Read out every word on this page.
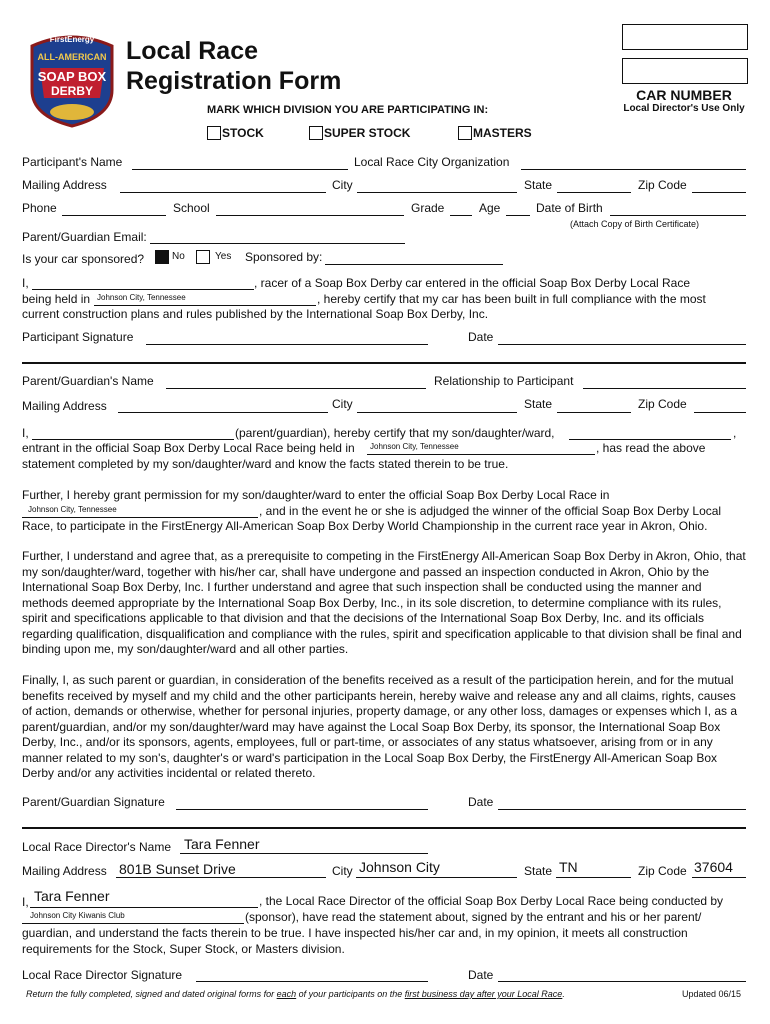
FirstEnergy
ALL-AMERICAN
SOAP BOX
DERBY
Local Race
Registration Form	CAR NUMBER
Local Director's Use Only
MARK WHICH DIVISION YOU ARE PARTICIPATING IN:
STOCK	SUPER STOCK	MASTERS
Participant's Name	Local Race City Organization
Mailing Address	City	State	Zip Code
Phone	School	Grade	Age	Date of Birth
(Attach Copy of Birth Certificate)
Parent/Guardian Email:
Is your car sponsored?	No	Yes Sponsored by:
I,	, racer of a Soap Box Derby car entered in the official Soap Box Derby Local Race
being held in Johnson City, Tennessee	, hereby certify that my car has been built in full compliance with the most
current construction plans and rules published by the International Soap Box Derby, Inc.
Participant Signature	Date
Parent/Guardian's Name	Relationship to Participant
Mailing Address	City	State	Zip Code
I,	(parent/guardian), hereby certify that my son/daughter/ward,	,
entrant in the official Soap Box Derby Local Race being held in Johnson City, Tennessee	, has read the above
statement completed by my son/daughter/ward and know the facts stated therein to be true.
Further, I hereby grant permission for my son/daughter/ward to enter the official Soap Box Derby Local Race in
Johnson City, Tennessee	, and in the event he or she is adjudged the winner of the official Soap Box Derby Local
Race, to participate in the FirstEnergy All-American Soap Box Derby World Championship in the current race year in Akron, Ohio.
Further, I understand and agree that, as a prerequisite to competing in the FirstEnergy All-American Soap Box Derby in Akron, Ohio, that my son/daughter/ward, together with his/her car, shall have undergone and passed an inspection conducted in Akron, Ohio by the International Soap Box Derby, Inc. I further understand and agree that such inspection shall be conducted using the manner and methods deemed appropriate by the International Soap Box Derby, Inc., in its sole discretion, to determine compliance with its rules, spirit and specifications applicable to that division and that the decisions of the International Soap Box Derby, Inc. and its officials regarding qualification, disqualification and compliance with the rules, spirit and specification applicable to that division shall be final and binding upon me, my son/daughter/ward and all other parties.
Finally, I, as such parent or guardian, in consideration of the benefits received as a result of the participation herein, and for the mutual benefits received by myself and my child and the other participants herein, hereby waive and release any and all claims, rights, causes of action, demands or otherwise, whether for personal injuries, property damage, or any other loss, damages or expenses which I, as a parent/guardian, and/or my son/daughter/ward may have against the Local Soap Box Derby, its sponsor, the International Soap Box Derby, Inc., and/or its sponsors, agents, employees, full or part-time, or associates of any status whatsoever, arising from or in any manner related to my son's, daughter's or ward's participation in the Local Soap Box Derby, the FirstEnergy All-American Soap Box Derby and/or any activities incidental or related thereto.
Parent/Guardian Signature	Date
Local Race Director's Name Tara Fenner
Mailing Address 801B Sunset Drive	City Johnson City	State TN	Zip Code 37604
I, Tara Fenner	, the Local Race Director of the official Soap Box Derby Local Race being conducted by
Johnson City Kiwanis Club	(sponsor), have read the statement about, signed by the entrant and his or her parent/
guardian, and understand the facts therein to be true. I have inspected his/her car and, in my opinion, it meets all construction
requirements for the Stock, Super Stock, or Masters division.
Local Race Director Signature	Date
Return the fully completed, signed and dated original forms for each of your participants on the first business day after your Local Race.	Updated 06/15
